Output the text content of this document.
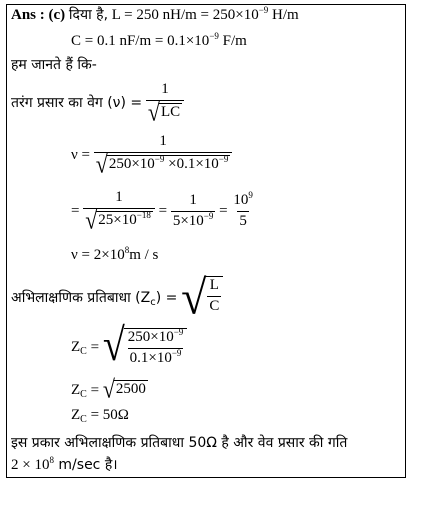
Ans : (c) दिया है, L = 250 $nH/m = 250\times 10^{-9}$ H/m
C = 0.1 $nF/m = 0.1\times 10^{-9}$ F/m
हम जानते हैं कि-
तरंग प्रसार का वेग $(\nu) = \frac{1}{√ LC}$
$\nu = \frac{1}{√ 250\times 10^{-9} \times 0.1\times 10^{-9}}$
= $\frac{1}{√ 25\times 10^{-18}} = \frac{1}{5\times 10^{-9}} = \frac{10^9}{5}$
$\nu = 2\times 10^8m / s$
अभिलाक्षणिक प्रतिबाधा $(Z_c)$ = √ $\frac{L}{C}$
$Z_C$ = √ $\frac{250\times 10^{-9}}{0.1\times 10^{-9}}$
$Z_C$ = √ 2500
$Z_C = 50\Omega$
इस प्रकार अभिलाक्षणिक प्रतिबाधा 50Ω है और वेव प्रसार की गति
$2 \times 10^8$ m/sec है।
